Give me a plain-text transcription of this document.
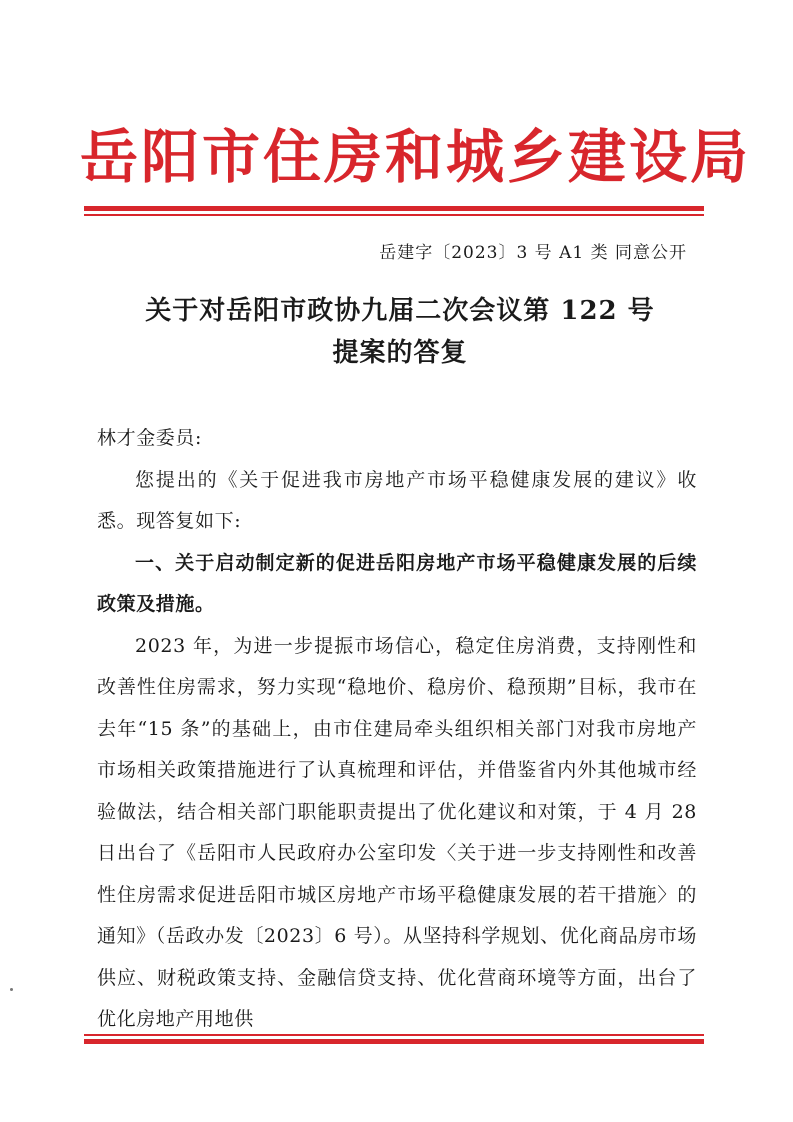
岳阳市住房和城乡建设局
岳建字〔2023〕3 号 A1 类 同意公开
关于对岳阳市政协九届二次会议第 122 号
提案的答复

林才金委员:

您提出的《关于促进我市房地产市场平稳健康发展的建议》收悉。现答复如下:

一、关于启动制定新的促进岳阳房地产市场平稳健康发展的后续政策及措施。

2023 年，为进一步提振市场信心，稳定住房消费，支持刚性和改善性住房需求，努力实现“稳地价、稳房价、稳预期”目标，我市在去年“15 条”的基础上，由市住建局牵头组织相关部门对我市房地产市场相关政策措施进行了认真梳理和评估，并借鉴省内外其他城市经验做法，结合相关部门职能职责提出了优化建议和对策，于 4 月 28 日出台了《岳阳市人民政府办公室印发〈关于进一步支持刚性和改善性住房需求促进岳阳市城区房地产市场平稳健康发展的若干措施〉的通知》（岳政办发〔2023〕6 号）。从坚持科学规划、优化商品房市场供应、财税政策支持、金融信贷支持、优化营商环境等方面，出台了优化房地产用地供
